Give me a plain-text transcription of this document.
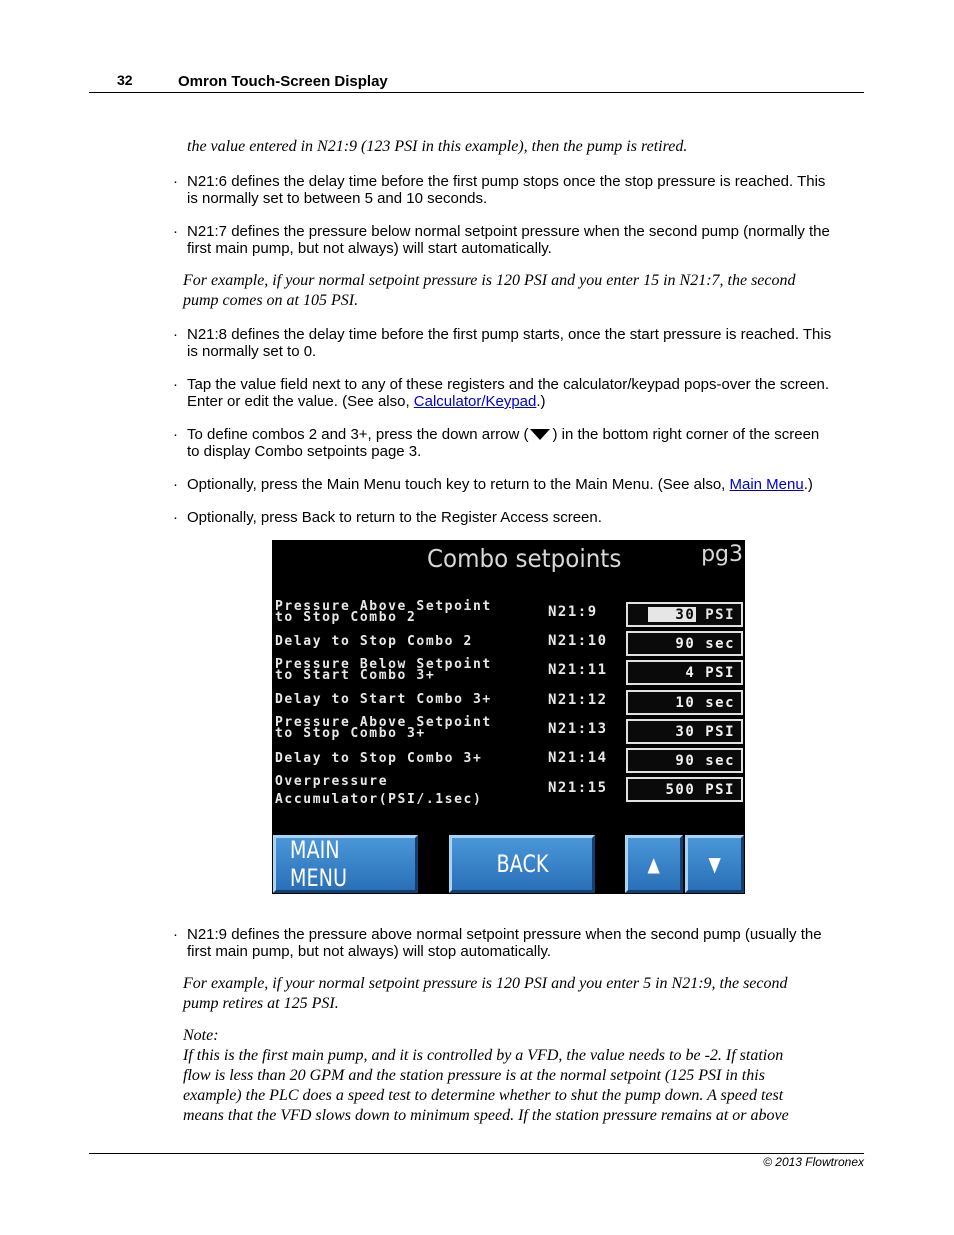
32	Omron Touch-Screen Display
the value entered in N21:9 (123 PSI in this example), then the pump is retired.
· N21:6 defines the delay time before the first pump stops once the stop pressure is reached. This
is normally set to between 5 and 10 seconds.
· N21:7 defines the pressure below normal setpoint pressure when the second pump (normally the
first main pump, but not always) will start automatically.
For example, if your normal setpoint pressure is 120 PSI and you enter 15 in N21:7, the second
pump comes on at 105 PSI.
· N21:8 defines the delay time before the first pump starts, once the start pressure is reached. This
is normally set to 0.
· Tap the value field next to any of these registers and the calculator/keypad pops-over the screen.
Enter or edit the value. (See also, Calculator/Keypad.)
· To define combos 2 and 3+, press the down arrow ( ) in the bottom right corner of the screen
to display Combo setpoints page 3.
· Optionally, press the Main Menu touch key to return to the Main Menu. (See also, Main Menu.)
· Optionally, press Back to return to the Register Access screen.
Combo setpoints	pg3
Pressure Above Setpoint
to Stop Combo 2	N21:9	30 PSI
Delay to Stop Combo 2	N21:10	90 sec
Pressure Below Setpoint
to Start Combo 3+	N21:11	4 PSI
Delay to Start Combo 3+	N21:12	10 sec
Pressure Above Setpoint
to Stop Combo 3+	N21:13	30 PSI
Delay to Stop Combo 3+	N21:14	90 sec
Overpressure
Accumulator(PSI/.1sec)
N21:15	500 PSI
MAIN MENU	BACK	▲ ▼
· N21:9 defines the pressure above normal setpoint pressure when the second pump (usually the
first main pump, but not always) will stop automatically.
For example, if your normal setpoint pressure is 120 PSI and you enter 5 in N21:9, the second
pump retires at 125 PSI.
Note:
If this is the first main pump, and it is controlled by a VFD, the value needs to be -2. If station
flow is less than 20 GPM and the station pressure is at the normal setpoint (125 PSI in this
example) the PLC does a speed test to determine whether to shut the pump down. A speed test
means that the VFD slows down to minimum speed. If the station pressure remains at or above
© 2013 Flowtronex
